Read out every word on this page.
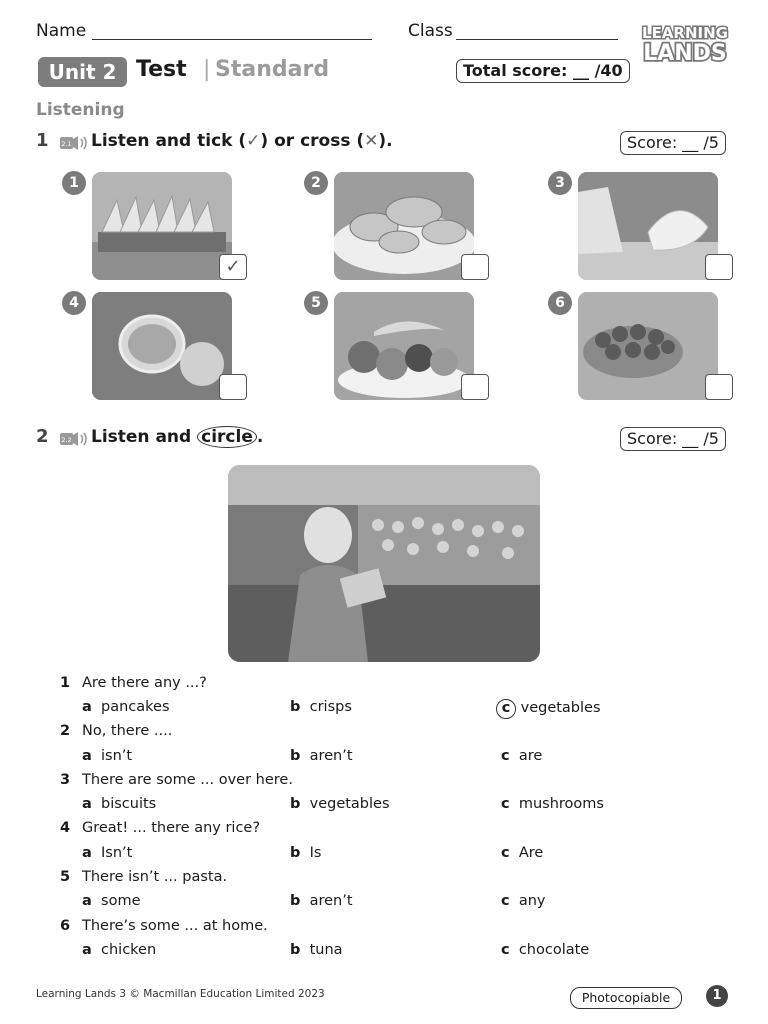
Name	Class	LEARNING
LANDS
Unit 2 Test | Standard	Total score: __ /40
Listening
1 2.1 Listen and tick (✓) or cross (✕).	Score: __ /5
1
✓
2	3
4	5	6
2 2.2 Listen and circle .	Score: __ /5
1 Are there any ...?
a pancakes	b crisps	c vegetables
2 No, there ....
a isn’t	b aren’t	c are
3 There are some ... over here.
a biscuits	b vegetables	c mushrooms
4 Great! ... there any rice?
a Isn’t	b Is	c Are
5 There isn’t ... pasta.
a some	b aren’t	c any
6 There’s some ... at home.
a chicken	b tuna	c chocolate
Learning Lands 3 © Macmillan Education Limited 2023	Photocopiable	1
